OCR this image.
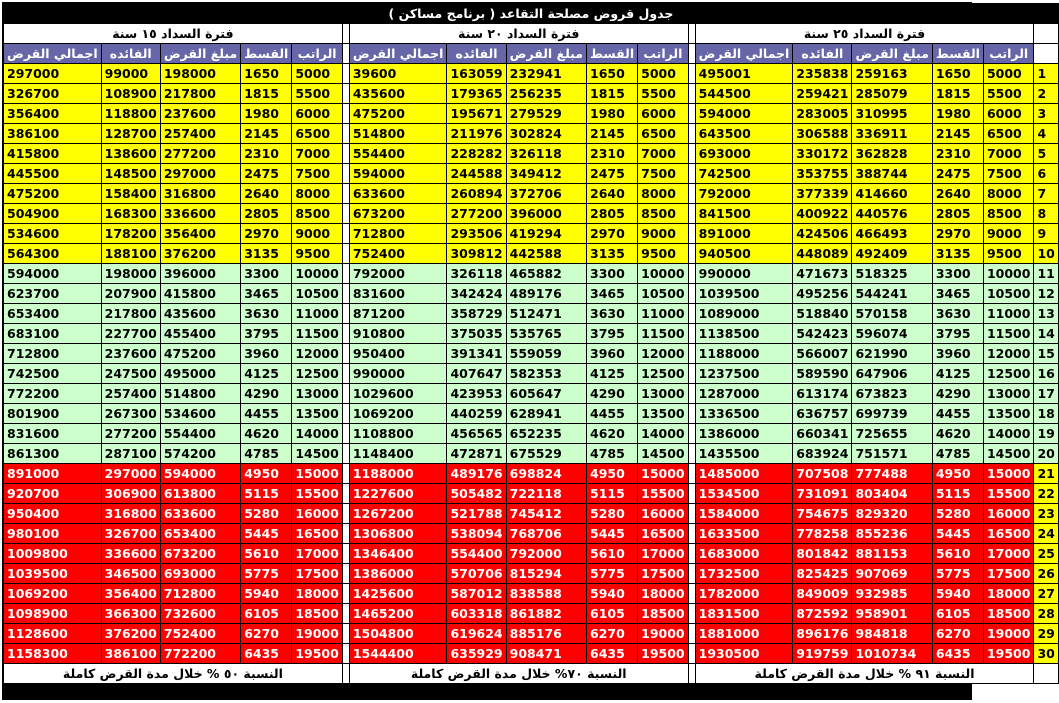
جدول قروض مصلحة التقاعد ( برنامج مساكن )																	
فترة السداد ١٥ سنة						فترة السداد ٢٠ سنة						فترة السداد ٢٥ سنة					
اجمالي القرض	الفائده	مبلغ القرض	القسط	الراتب		اجمالي القرض	الفائده	مبلغ القرض	القسط	الراتب		اجمالي القرض	الفائده	مبلغ القرض	القسط	الراتب	
297000	99000	198000	1650	5000		39600	163059	232941	1650	5000		495001	235838	259163	1650	5000	1
326700	108900	217800	1815	5500		435600	179365	256235	1815	5500		544500	259421	285079	1815	5500	2
356400	118800	237600	1980	6000		475200	195671	279529	1980	6000		594000	283005	310995	1980	6000	3
386100	128700	257400	2145	6500		514800	211976	302824	2145	6500		643500	306588	336911	2145	6500	4
415800	138600	277200	2310	7000		554400	228282	326118	2310	7000		693000	330172	362828	2310	7000	5
445500	148500	297000	2475	7500		594000	244588	349412	2475	7500		742500	353755	388744	2475	7500	6
475200	158400	316800	2640	8000		633600	260894	372706	2640	8000		792000	377339	414660	2640	8000	7
504900	168300	336600	2805	8500		673200	277200	396000	2805	8500		841500	400922	440576	2805	8500	8
534600	178200	356400	2970	9000		712800	293506	419294	2970	9000		891000	424506	466493	2970	9000	9
564300	188100	376200	3135	9500		752400	309812	442588	3135	9500		940500	448089	492409	3135	9500	10
594000	198000	396000	3300	10000		792000	326118	465882	3300	10000		990000	471673	518325	3300	10000	11
623700	207900	415800	3465	10500		831600	342424	489176	3465	10500		1039500	495256	544241	3465	10500	12
653400	217800	435600	3630	11000		871200	358729	512471	3630	11000		1089000	518840	570158	3630	11000	13
683100	227700	455400	3795	11500		910800	375035	535765	3795	11500		1138500	542423	596074	3795	11500	14
712800	237600	475200	3960	12000		950400	391341	559059	3960	12000		1188000	566007	621990	3960	12000	15
742500	247500	495000	4125	12500		990000	407647	582353	4125	12500		1237500	589590	647906	4125	12500	16
772200	257400	514800	4290	13000		1029600	423953	605647	4290	13000		1287000	613174	673823	4290	13000	17
801900	267300	534600	4455	13500		1069200	440259	628941	4455	13500		1336500	636757	699739	4455	13500	18
831600	277200	554400	4620	14000		1108800	456565	652235	4620	14000		1386000	660341	725655	4620	14000	19
861300	287100	574200	4785	14500		1148400	472871	675529	4785	14500		1435500	683924	751571	4785	14500	20
891000	297000	594000	4950	15000		1188000	489176	698824	4950	15000		1485000	707508	777488	4950	15000	21
920700	306900	613800	5115	15500		1227600	505482	722118	5115	15500		1534500	731091	803404	5115	15500	22
950400	316800	633600	5280	16000		1267200	521788	745412	5280	16000		1584000	754675	829320	5280	16000	23
980100	326700	653400	5445	16500		1306800	538094	768706	5445	16500		1633500	778258	855236	5445	16500	24
1009800	336600	673200	5610	17000		1346400	554400	792000	5610	17000		1683000	801842	881153	5610	17000	25
1039500	346500	693000	5775	17500		1386000	570706	815294	5775	17500		1732500	825425	907069	5775	17500	26
1069200	356400	712800	5940	18000		1425600	587012	838588	5940	18000		1782000	849009	932985	5940	18000	27
1098900	366300	732600	6105	18500		1465200	603318	861882	6105	18500		1831500	872592	958901	6105	18500	28
1128600	376200	752400	6270	19000		1504800	619624	885176	6270	19000		1881000	896176	984818	6270	19000	29
1158300	386100	772200	6435	19500		1544400	635929	908471	6435	19500		1930500	919759	1010734	6435	19500	30
النسبة ٥٠ % خلال مدة القرض كاملة						النسبة ٧٠% خلال مدة القرض كاملة						النسبة ٩١ % خلال مدة القرض كاملة					
